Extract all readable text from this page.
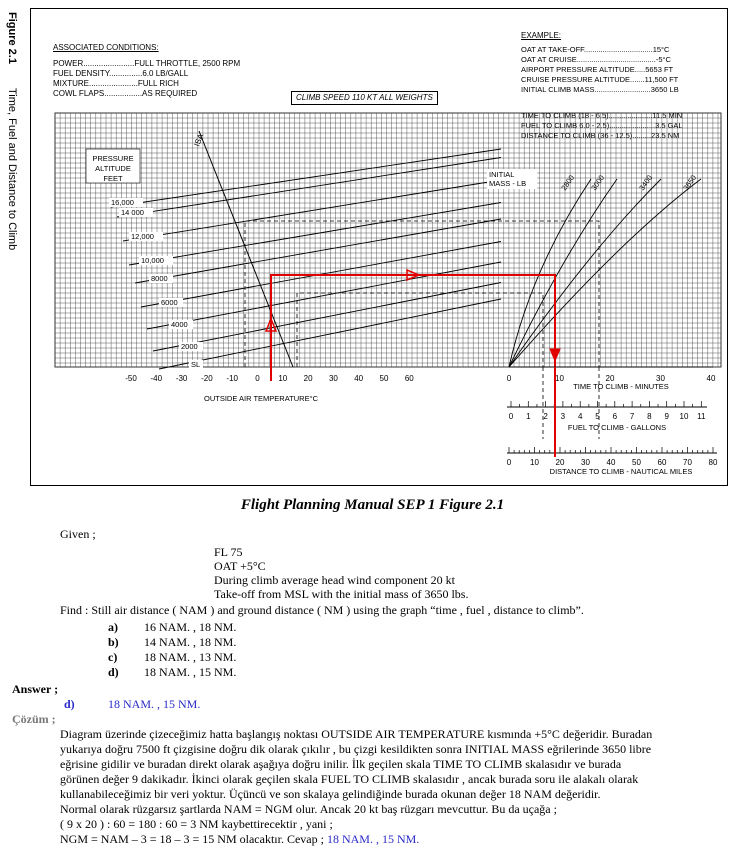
Figure 2.1
Time, Fuel and Distance to Climb
-50 -40 -30 -20 -10 0 10 20 30 40 50 60
OUTSIDE AIR TEMPERATURE°C
16,000
14 000
12,000
10,000
8000
6000
4000
2000
SL
PRESSURE
ALTITUDE
FEET
ISA
INITIAL
MASS - LB	2800 3000	3400	3650
0	10	20	30	40
TIME TO CLIMB - MINUTES
0 1 2 3 4 5 6 7 8 9 10 11
FUEL TO CLIMB - GALLONS
0 10 20 30 40 50 60 70 80
DISTANCE TO CLIMB - NAUTICAL MILES
ASSOCIATED CONDITIONS:
POWER.......................FULL THROTTLE, 2500 RPM
FUEL DENSITY...............6.0 LB/GALL
MIXTURE......................FULL RICH
COWL FLAPS.................AS REQUIRED	CLIMB SPEED 110 KT ALL WEIGHTS
EXAMPLE:
OAT AT TAKE-OFF.................................15°C
OAT AT CRUISE......................................-5°C
AIRPORT PRESSURE ALTITUDE.....5653 FT
CRUISE PRESSURE ALTITUDE.......11,500 FT
INITIAL CLIMB MASS...........................3650 LB
TIME TO CLIMB (18 - 6.5).....................11.5 MIN
FUEL TO CLIMB 6.0 - 2.5)......................3.5 GAL
DISTANCE TO CLIMB (36 - 12.5).........23.5 NM
Flight Planning Manual SEP 1 Figure 2.1
Given ;
FL 75
OAT +5°C
During climb average head wind component 20 kt
Take-off from MSL with the initial mass of 3650 lbs.
Find : Still air distance ( NAM ) and ground distance ( NM ) using the graph “time , fuel , distance to climb”.
a) 16 NAM. , 18 NM.
b) 14 NAM. , 18 NM.
c) 18 NAM. , 13 NM.
d) 18 NAM. , 15 NM.
Answer ;
d)	18 NAM. , 15 NM.
Çözüm ;
Diagram üzerinde çizeceğimiz hatta başlangış noktası OUTSIDE AIR TEMPERATURE kısmında +5°C değeridir. Buradan
yukarıya doğru 7500 ft çizgisine doğru dik olarak çıkılır , bu çizgi kesildikten sonra INITIAL MASS eğrilerinde 3650 libre
eğrisine gidilir ve buradan direkt olarak aşağıya doğru inilir. İlk geçilen skala TIME TO CLIMB skalasıdır ve burada
görünen değer 9 dakikadır. İkinci olarak geçilen skala FUEL TO CLIMB skalasıdır , ancak burada soru ile alakalı olarak
kullanabileceğimiz bir veri yoktur. Üçüncü ve son skalaya gelindiğinde burada okunan değer 18 NAM değeridir.
Normal olarak rüzgarsız şartlarda NAM = NGM olur. Ancak 20 kt baş rüzgarı mevcuttur. Bu da uçağa ;
( 9 x 20 ) : 60 = 180 : 60 = 3 NM kaybettirecektir , yani ;
NGM = NAM – 3 = 18 – 3 = 15 NM olacaktır. Cevap ; 18 NAM. , 15 NM.
